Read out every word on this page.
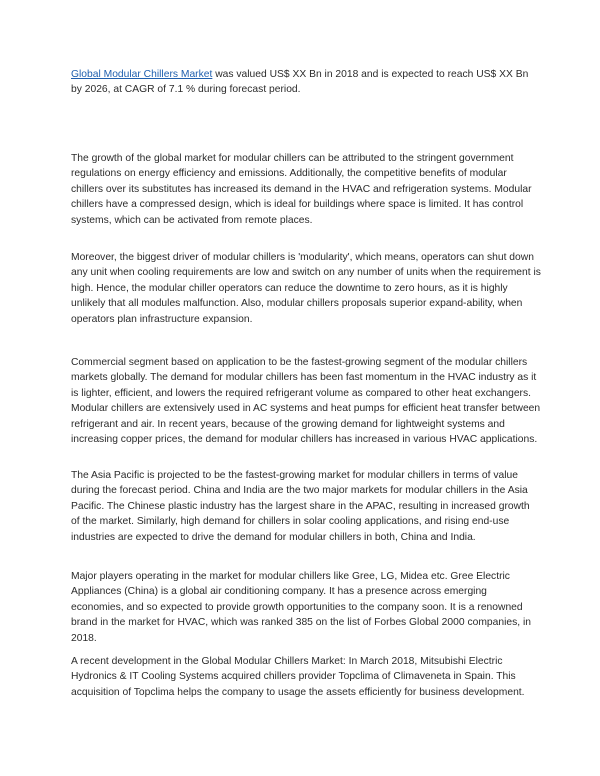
Global Modular Chillers Market was valued US$ XX Bn in 2018 and is expected to reach US$ XX Bn by 2026, at CAGR of 7.1 % during forecast period.

The growth of the global market for modular chillers can be attributed to the stringent government regulations on energy efficiency and emissions. Additionally, the competitive benefits of modular chillers over its substitutes has increased its demand in the HVAC and refrigeration systems. Modular chillers have a compressed design, which is ideal for buildings where space is limited. It has control systems, which can be activated from remote places.

Moreover, the biggest driver of modular chillers is 'modularity', which means, operators can shut down any unit when cooling requirements are low and switch on any number of units when the requirement is high. Hence, the modular chiller operators can reduce the downtime to zero hours, as it is highly unlikely that all modules malfunction. Also, modular chillers proposals superior expand-ability, when operators plan infrastructure expansion.

Commercial segment based on application to be the fastest-growing segment of the modular chillers markets globally. The demand for modular chillers has been fast momentum in the HVAC industry as it is lighter, efficient, and lowers the required refrigerant volume as compared to other heat exchangers. Modular chillers are extensively used in AC systems and heat pumps for efficient heat transfer between refrigerant and air. In recent years, because of the growing demand for lightweight systems and increasing copper prices, the demand for modular chillers has increased in various HVAC applications.

The Asia Pacific is projected to be the fastest-growing market for modular chillers in terms of value during the forecast period. China and India are the two major markets for modular chillers in the Asia Pacific. The Chinese plastic industry has the largest share in the APAC, resulting in increased growth of the market. Similarly, high demand for chillers in solar cooling applications, and rising end-use industries are expected to drive the demand for modular chillers in both, China and India.

Major players operating in the market for modular chillers like Gree, LG, Midea etc. Gree Electric Appliances (China) is a global air conditioning company. It has a presence across emerging economies, and so expected to provide growth opportunities to the company soon. It is a renowned brand in the market for HVAC, which was ranked 385 on the list of Forbes Global 2000 companies, in 2018.

A recent development in the Global Modular Chillers Market: In March 2018, Mitsubishi Electric Hydronics & IT Cooling Systems acquired chillers provider Topclima of Climaveneta in Spain. This acquisition of Topclima helps the company to usage the assets efficiently for business development.
